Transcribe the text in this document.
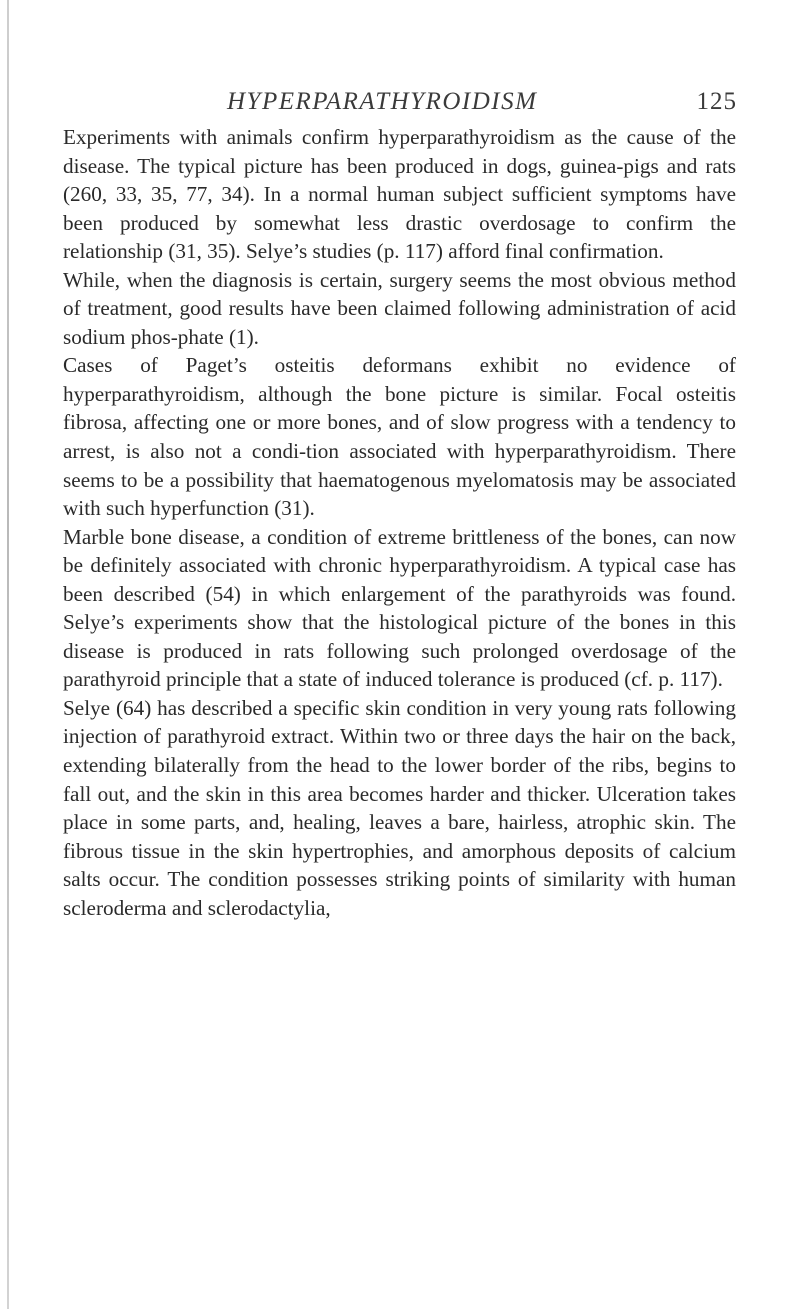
HYPERPARATHYROIDISM	125

Experiments with animals confirm hyperparathyroidism as the cause of the disease. The typical picture has been produced in dogs, guinea-pigs and rats (260, 33, 35, 77, 34). In a normal human subject sufficient symptoms have been produced by somewhat less drastic overdosage to confirm the relationship (31, 35). Selye’s studies (p. 117) afford final confirmation.

While, when the diagnosis is certain, surgery seems the most obvious method of treatment, good results have been claimed following administration of acid sodium phos-phate (1).

Cases of Paget’s osteitis deformans exhibit no evidence of hyperparathyroidism, although the bone picture is similar. Focal osteitis fibrosa, affecting one or more bones, and of slow progress with a tendency to arrest, is also not a condi-tion associated with hyperparathyroidism. There seems to be a possibility that haematogenous myelomatosis may be associated with such hyperfunction (31).

Marble bone disease, a condition of extreme brittleness of the bones, can now be definitely associated with chronic hyperparathyroidism. A typical case has been described (54) in which enlargement of the parathyroids was found. Selye’s experiments show that the histological picture of the bones in this disease is produced in rats following such prolonged overdosage of the parathyroid principle that a state of induced tolerance is produced (cf. p. 117).

Selye (64) has described a specific skin condition in very young rats following injection of parathyroid extract. Within two or three days the hair on the back, extending bilaterally from the head to the lower border of the ribs, begins to fall out, and the skin in this area becomes harder and thicker. Ulceration takes place in some parts, and, healing, leaves a bare, hairless, atrophic skin. The fibrous tissue in the skin hypertrophies, and amorphous deposits of calcium salts occur. The condition possesses striking points of similarity with human scleroderma and sclerodactylia,
